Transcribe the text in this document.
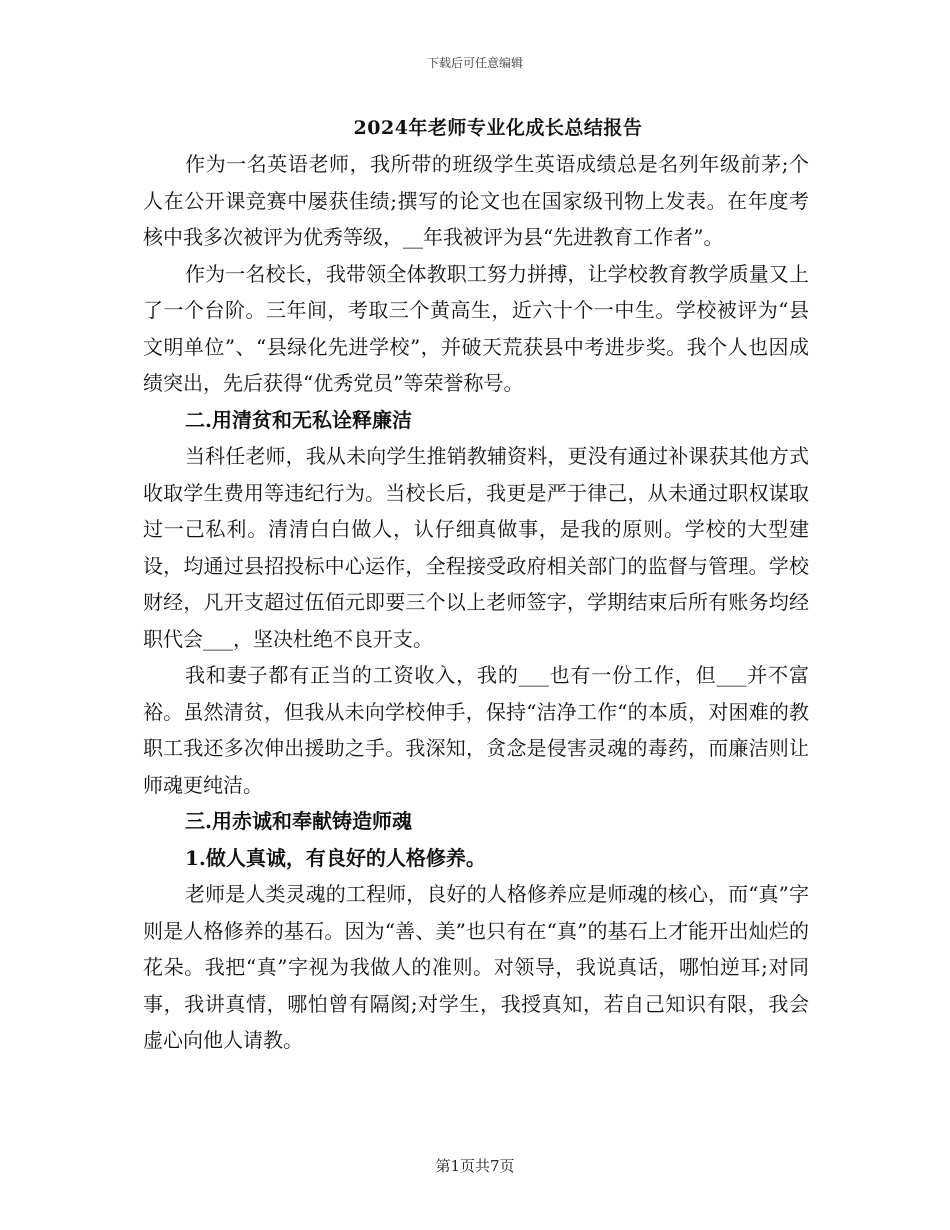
下载后可任意编辑
2024年老师专业化成长总结报告

作为一名英语老师，我所带的班级学生英语成绩总是名列年级前茅;个人在公开课竞赛中屡获佳绩;撰写的论文也在国家级刊物上发表。在年度考核中我多次被评为优秀等级，__年我被评为县“先进教育工作者”。

作为一名校长，我带领全体教职工努力拼搏，让学校教育教学质量又上了一个台阶。三年间，考取三个黄高生，近六十个一中生。学校被评为“县文明单位”、“县绿化先进学校”，并破天荒获县中考进步奖。我个人也因成绩突出，先后获得“优秀党员”等荣誉称号。

二.用清贫和无私诠释廉洁

当科任老师，我从未向学生推销教辅资料，更没有通过补课获其他方式收取学生费用等违纪行为。当校长后，我更是严于律己，从未通过职权谋取过一己私利。清清白白做人，认仔细真做事，是我的原则。学校的大型建设，均通过县招投标中心运作，全程接受政府相关部门的监督与管理。学校财经，凡开支超过伍佰元即要三个以上老师签字，学期结束后所有账务均经职代会___，坚决杜绝不良开支。

我和妻子都有正当的工资收入，我的___也有一份工作，但___并不富裕。虽然清贫，但我从未向学校伸手，保持“洁净工作“的本质，对困难的教职工我还多次伸出援助之手。我深知，贪念是侵害灵魂的毒药，而廉洁则让师魂更纯洁。

三.用赤诚和奉献铸造师魂

1.做人真诚，有良好的人格修养。

老师是人类灵魂的工程师，良好的人格修养应是师魂的核心，而“真”字则是人格修养的基石。因为“善、美”也只有在“真”的基石上才能开出灿烂的花朵。我把“真”字视为我做人的准则。对领导，我说真话，哪怕逆耳;对同事，我讲真情，哪怕曾有隔阂;对学生，我授真知，若自己知识有限，我会虚心向他人请教。

第1页共7页
